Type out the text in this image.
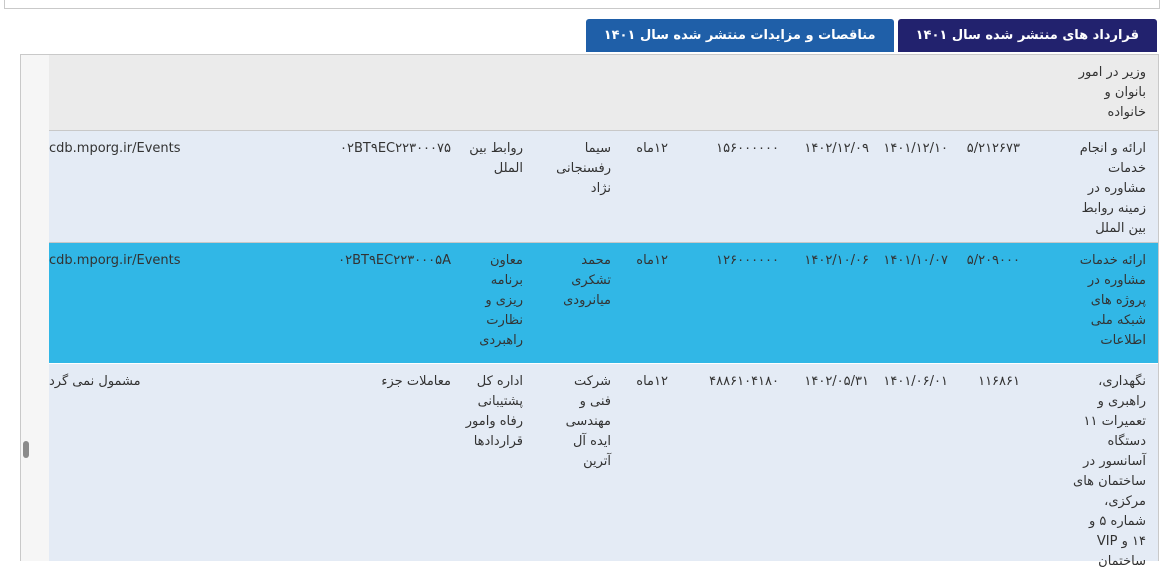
قرارداد های منتشر شده سال ۱۴۰۱
مناقصات و مزایدات منتشر شده سال ۱۴۰۱
وزیر در امور بانوان و خانواده
ارائه و انجام خدمات مشاوره در زمینه روابط بین الملل
۵/۲۱۲۶۷۳
۱۴۰۱/۱۲/۱۰
۱۴۰۲/۱۲/۰۹
۱۵۶۰۰۰۰۰۰
۱۲ماه
سیما رفسنجانی نژاد
روابط بین الملل
۰۲BT۹EC۲۲۳۰۰۰۷۵
cdb.mporg.ir/Events
ارائه خدمات مشاوره در پروژه های شبکه ملی اطلاعات
۵/۲۰۹۰۰۰
۱۴۰۱/۱۰/۰۷
۱۴۰۲/۱۰/۰۶
۱۲۶۰۰۰۰۰۰
۱۲ماه
محمد تشکری میانرودی
معاون برنامه ریزی و نظارت راهبردی
۰۲BT۹EC۲۲۳۰۰۰۵A
cdb.mporg.ir/Events
نگهداری، راهبری و تعمیرات ۱۱ دستگاه آسانسور در ساختمان های مرکزی، شماره ۵ و ۱۴ و VIP ساختمان
۱۱۶۸۶۱
۱۴۰۱/۰۶/۰۱
۱۴۰۲/۰۵/۳۱
۴۸۸۶۱۰۴۱۸۰
۱۲ماه
شرکت فنی و مهندسی ایده آل آترین
اداره کل پشتیبانی رفاه وامور قراردادها
معاملات جزء
مشمول نمی گرد
